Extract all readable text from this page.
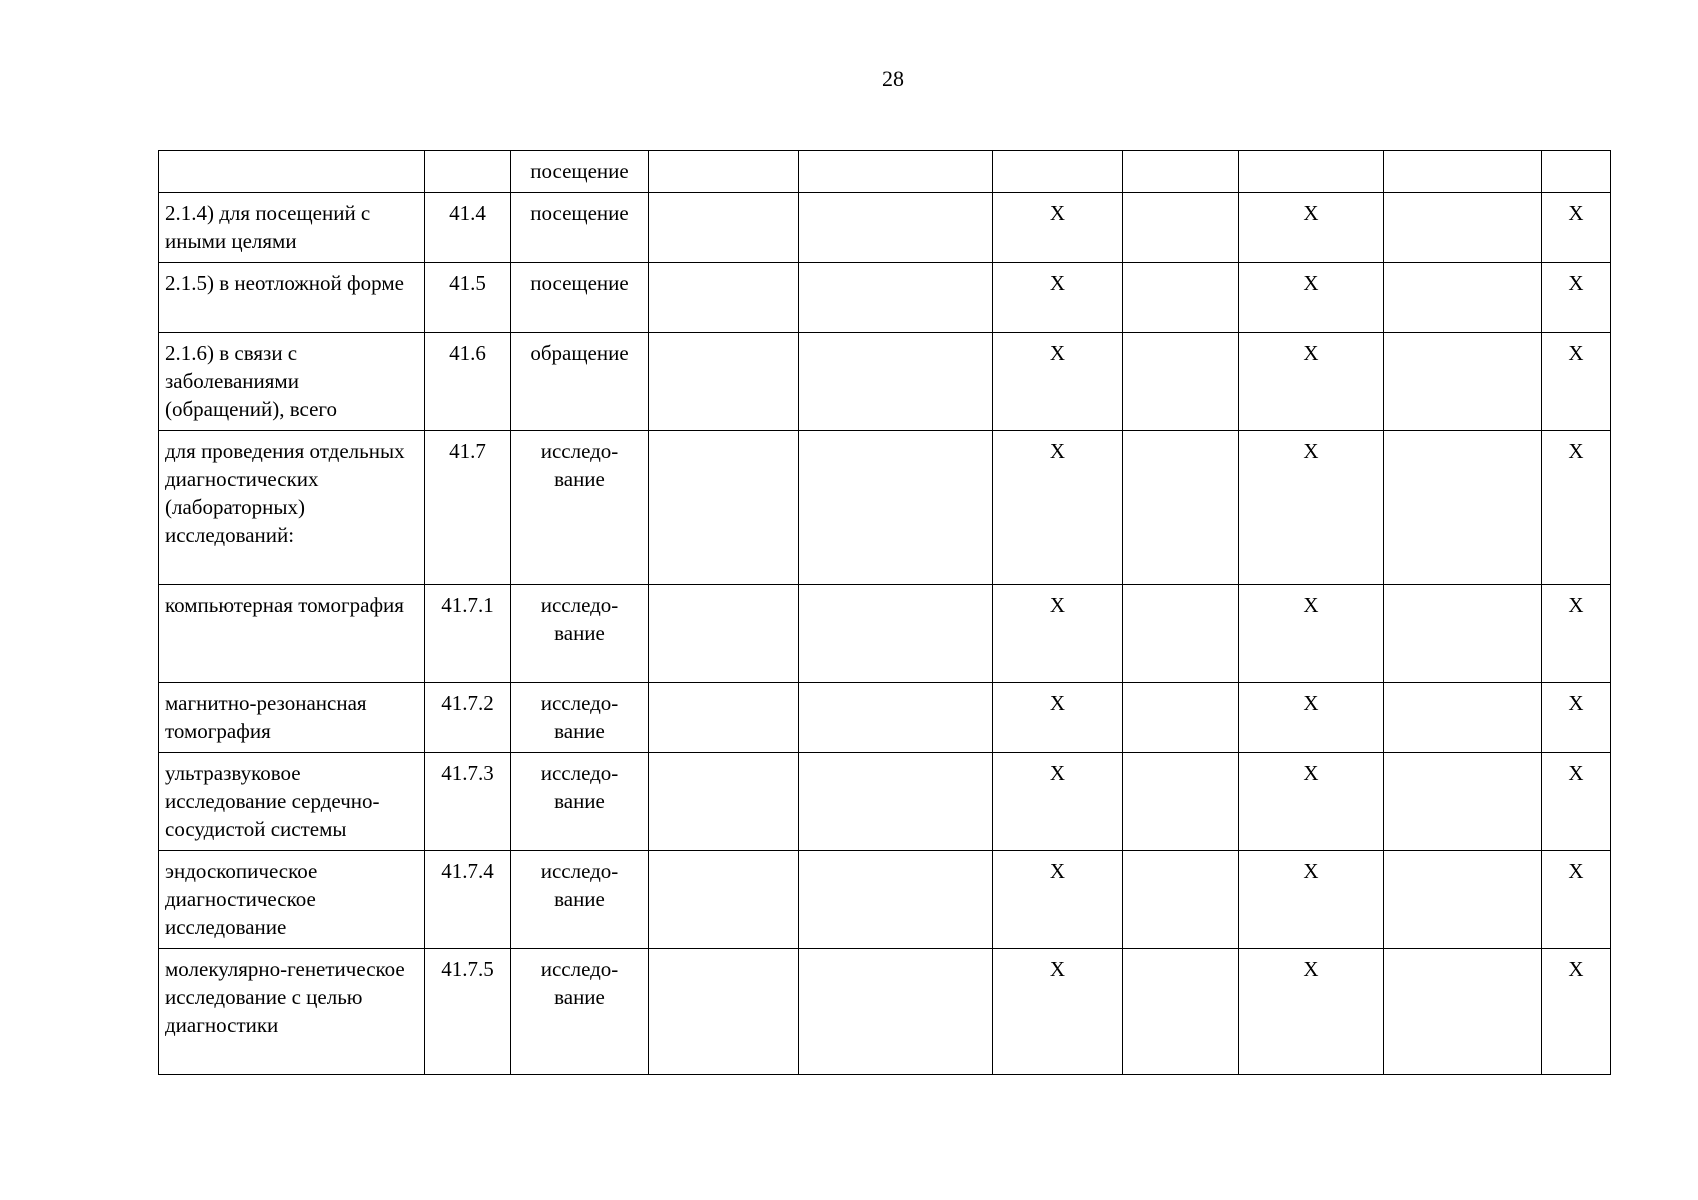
28
		посещение							
2.1.4) для посещений с иными целями	41.4	посещение			X		X		X
2.1.5) в неотложной форме	41.5	посещение			X		X		X
2.1.6) в связи с заболеваниями (обращений), всего	41.6	обращение			X		X		X
для проведения отдельных диагностических (лабораторных) исследований:	41.7	исследо-вание			X		X		X
компьютерная томография	41.7.1	исследо-вание			X		X		X
магнитно-резонансная томография	41.7.2	исследо-вание			X		X		X
ультразвуковое исследование сердечно-сосудистой системы	41.7.3	исследо-вание			X		X		X
эндоскопическое диагностическое исследование	41.7.4	исследо-вание			X		X		X
молекулярно-генетическое исследование с целью диагностики	41.7.5	исследо-вание			X		X		X
